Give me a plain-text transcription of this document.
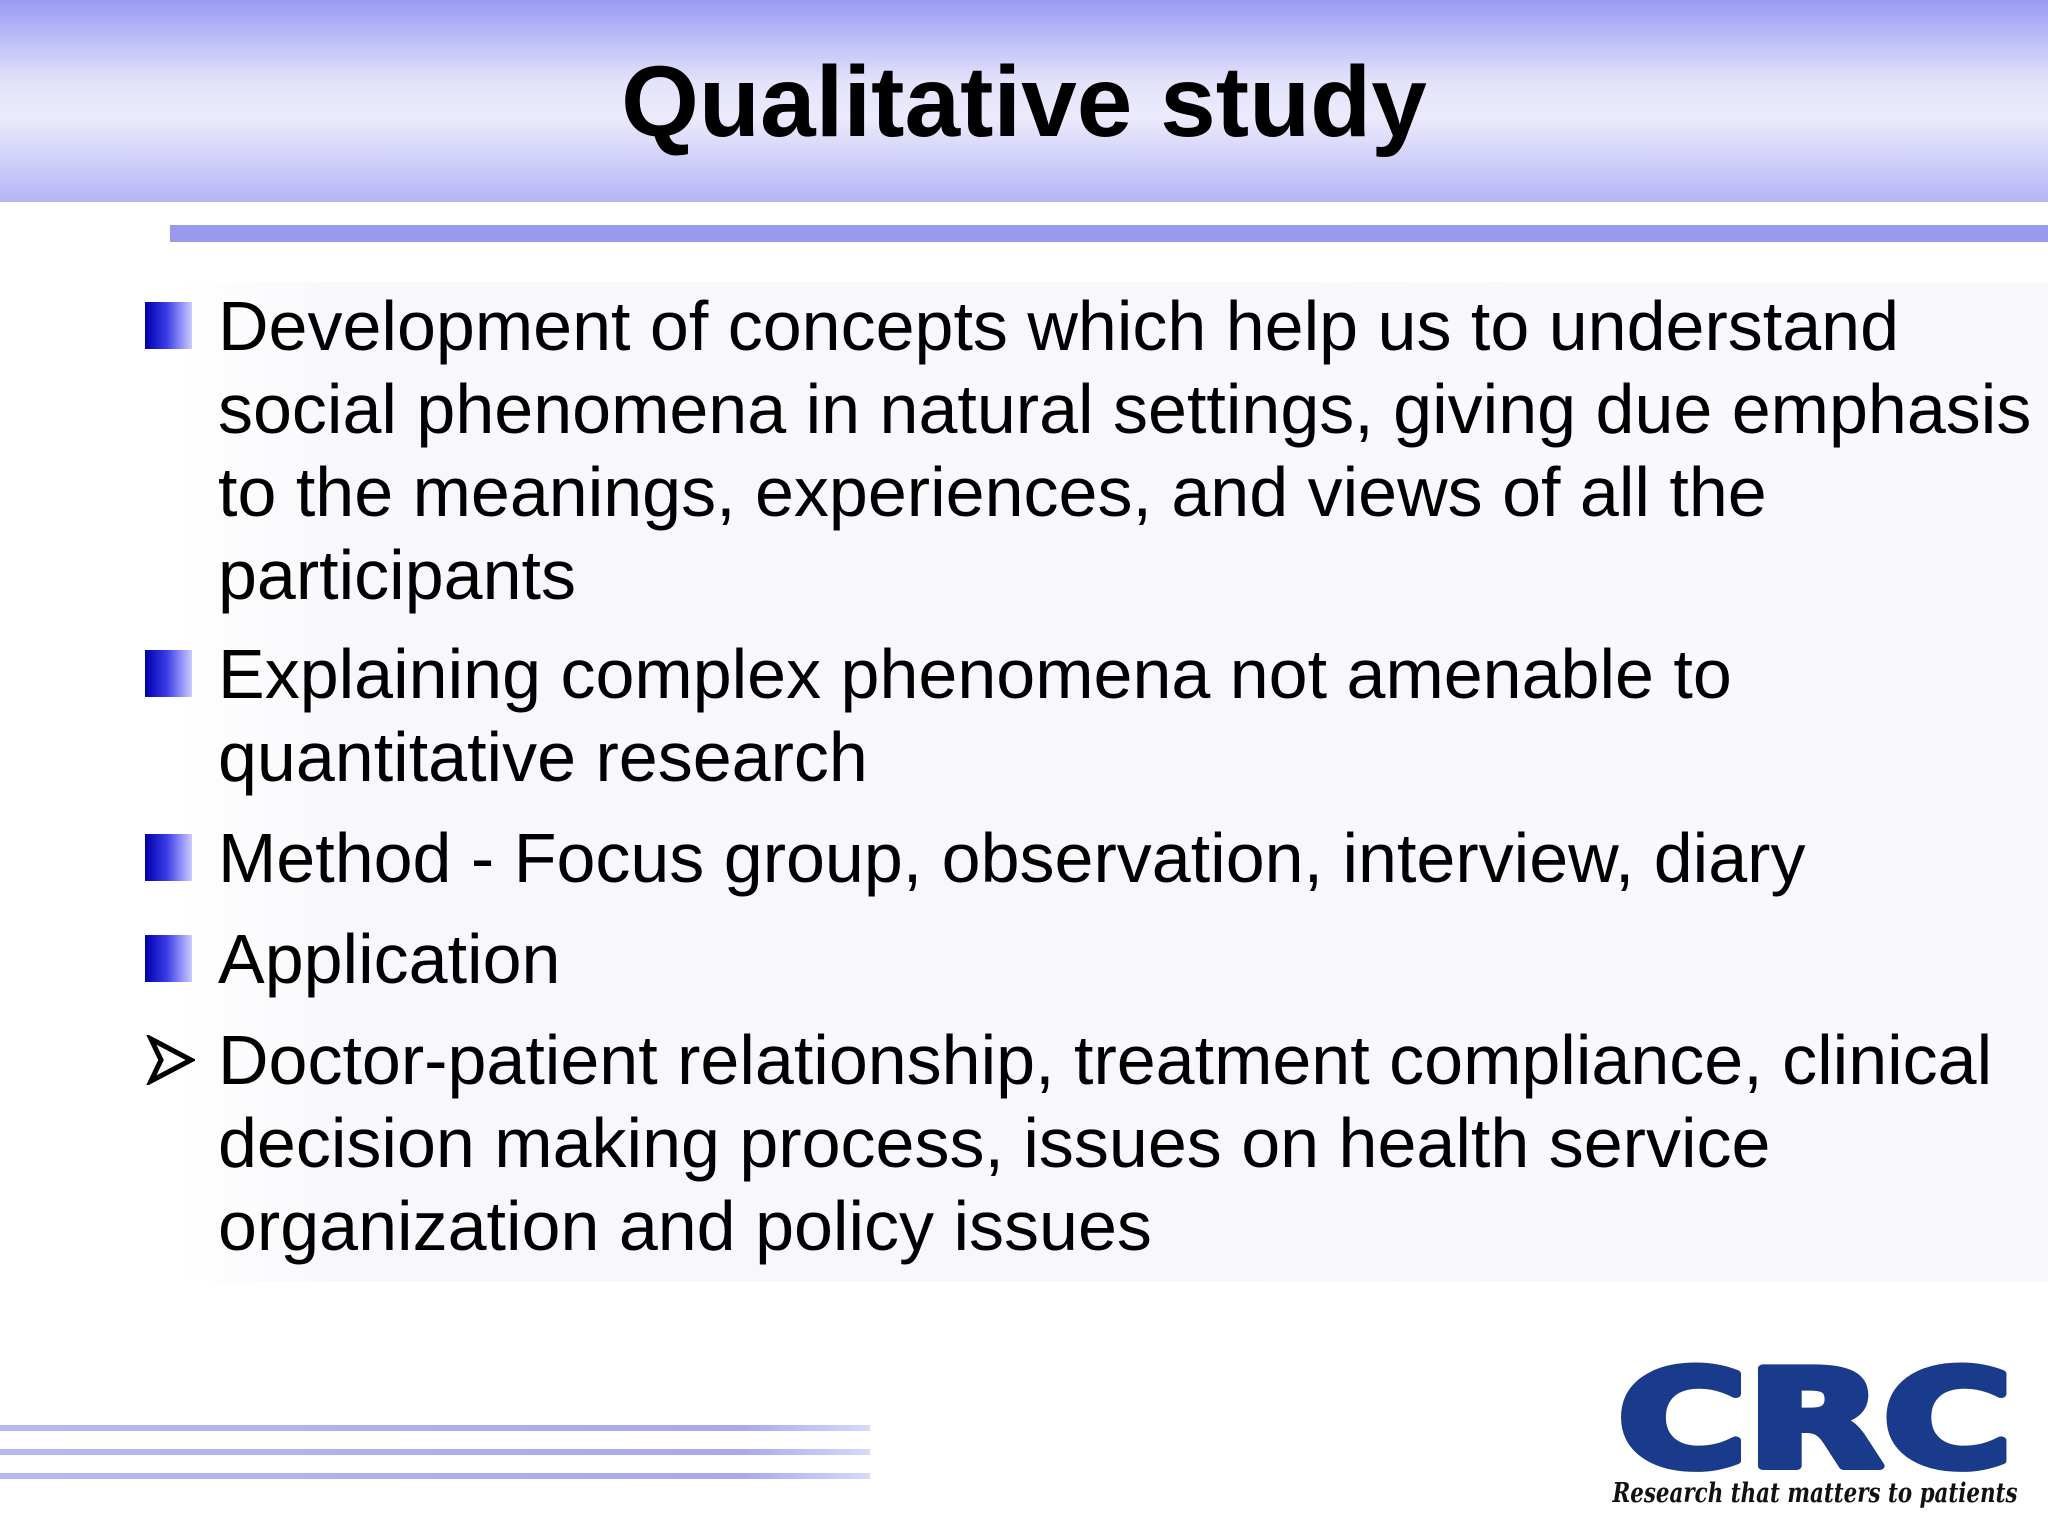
Qualitative study
Development of concepts which help us to understand social phenomena in natural settings, giving due emphasis to the meanings, experiences, and views of all the participants
Explaining complex phenomena not amenable to quantitative research
Method - Focus group, observation, interview, diary
Application
Doctor-patient relationship, treatment compliance, clinical decision making process, issues on health service organization and policy issues
CRC
Research that matters to patients
